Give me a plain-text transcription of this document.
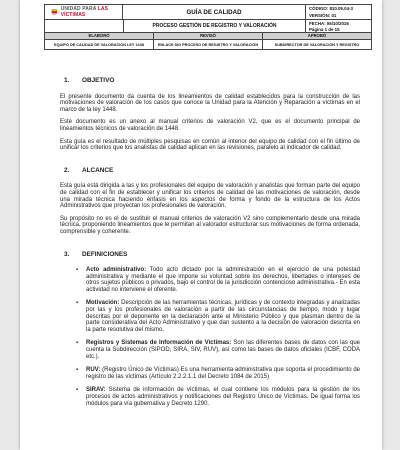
UNIDAD PARA LAS VÍCTIMAS	GUÍA DE CALIDAD	CÓDIGO: 810.05.04-3
VERSIÓN: 01
PROCESO GESTIÓN DE REGISTRO Y VALORACIÓN	FECHA: 06/10/2016
Página 1 de 15
ELABORÓ	REVISÓ	APROBÓ
EQUIPO DE CALIDAD DE VALORACIÓN LEY 1448	ENLACE SIG PROCESO DE REGISTRO Y VALORACIÓN	SUBDIRECTOR DE VALORACIÓN Y REGISTRO
1.	OBJETIVO

El presente documento da cuenta de los lineamientos de calidad establecidos para la construcción de las motivaciones de valoración de los casos que conoce la Unidad para la Atención y Reparación a víctimas en el marco de la ley 1448.

Este documento es un anexo al manual criterios de valoración V2, que es el documento principal de lineamientos técnicos de valoración de 1448.

Esta guía es el resultado de múltiples pesquisas en común al interior del equipo de calidad con el fin último de unificar los criterios que los analistas de calidad aplican en las revisiones, paralelo al indicador de calidad.

2.	ALCANCE

Esta guía está dirigida a las y los profesionales del equipo de valoración y analistas que forman parte del equipo de calidad con el fin de establecer y unificar los criterios de calidad de las motivaciones de valoración, desde una mirada técnica haciendo énfasis en los aspectos de forma y fondo de la estructura de los Actos Administrativos que proyectan los profesionales de valoración.

Su propósito no es el de sustituir el manual criterios de valoración V2 sino complementarlo desde una mirada técnica, proponiendo lineamientos que le permitan al valorador estructurar sus motivaciones de forma ordenada, comprensible y coherente.

3.	DEFINICIONES
▪ Acto administrativo: Todo acto dictado por la administración en el ejercicio de una potestad administrativa y mediante el que impone su voluntad sobre los derechos, libertades o intereses de otros sujetos públicos o privados, bajo el control de la jurisdicción contencioso administrativa.- En esta actividad no interviene el oferente.
▪ Motivación: Descripción de las herramientas técnicas, jurídicas y de contexto integradas y analizadas por las y los profesionales de valoración a partir de las circunstancias de tiempo, modo y lugar descritas por el deponente en la declaración ante el Ministerio Público y que plasman dentro de la parte considerativa del Acto Administrativo y que dan sustento a la decisión de valoración descrita en la parte resolutiva del mismo.
▪ Registros y Sistemas de Información de Víctimas: Son las diferentes bases de datos con las que cuenta la Subdirección (SIPOD, SIRA, SIV, RUV), así como las bases de datos oficiales (ICBF, CODA etc.).
▪ RUV: (Registro Único de Víctimas) Es una herramienta administrativa que soporta el procedimiento de registro de las víctimas (Artículo 2.2.2.1.1 del Decreto 1084 de 2015)
▪ SIRAV: Sistema de información de víctimas, el cual contiene los módulos para la gestión de los procesos de actos administrativos y notificaciones del Registro Único de Víctimas. De igual forma los módulos para vía gubernativa y Decreto 1290.
